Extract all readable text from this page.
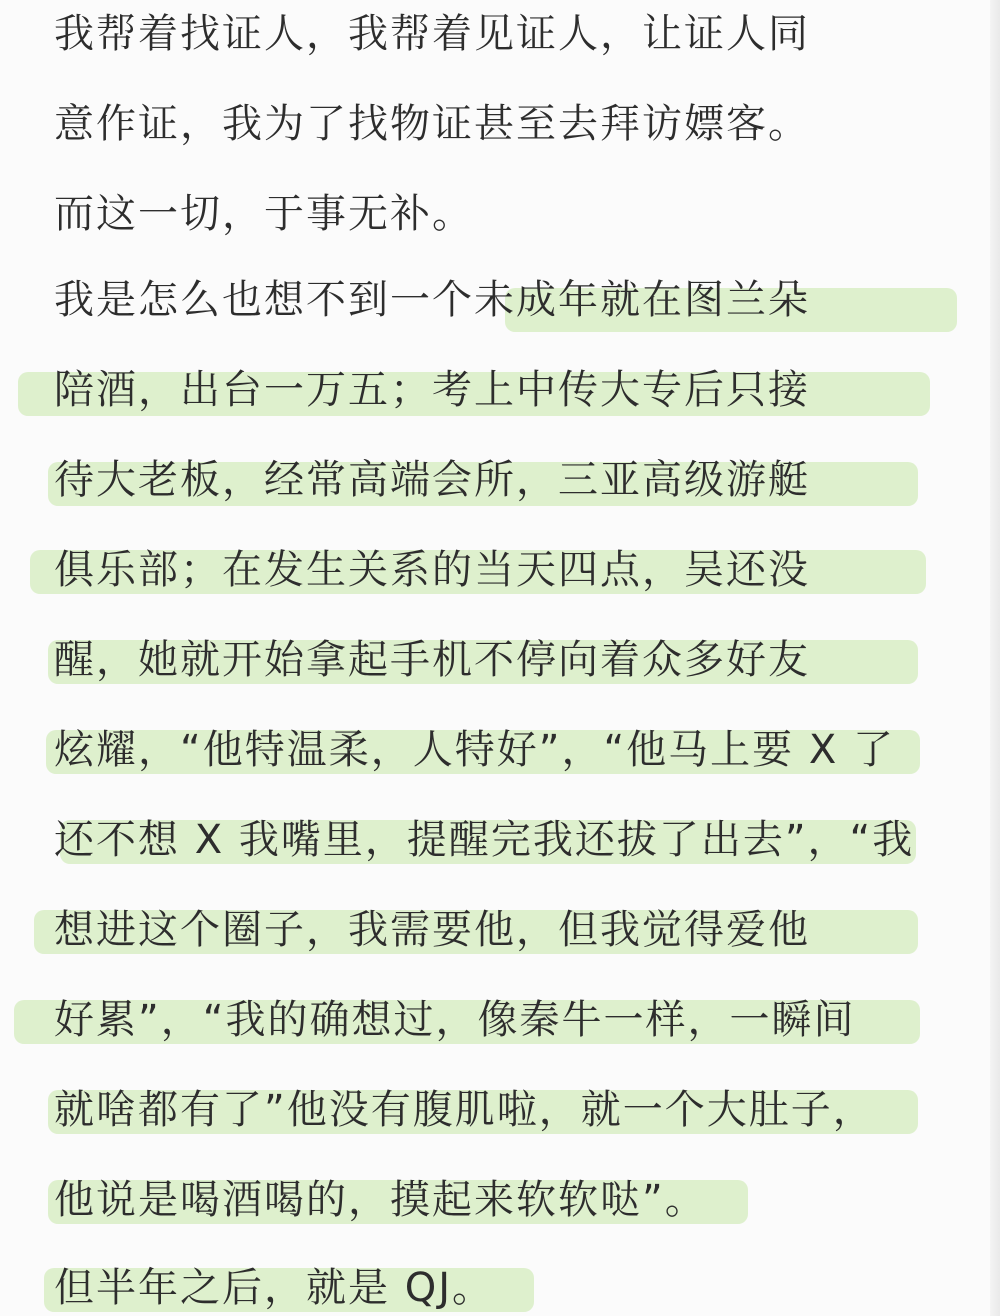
我帮着找证人，我帮着见证人，让证人同
意作证，我为了找物证甚至去拜访嫖客。
而这一切，于事无补。
我是怎么也想不到一个未成年就在图兰朵
陪酒，出台一万五；考上中传大专后只接
待大老板，经常高端会所，三亚高级游艇
俱乐部；在发生关系的当天四点，吴还没
醒，她就开始拿起手机不停向着众多好友
炫耀，“他特温柔，人特好”，“他马上要 X 了
还不想 X 我嘴里，提醒完我还拔了出去”，“我
想进这个圈子，我需要他，但我觉得爱他
好累”，“我的确想过，像秦牛一样，一瞬间
就啥都有了”他没有腹肌啦，就一个大肚子，
他说是喝酒喝的，摸起来软软哒”。
但半年之后，就是 QJ。
